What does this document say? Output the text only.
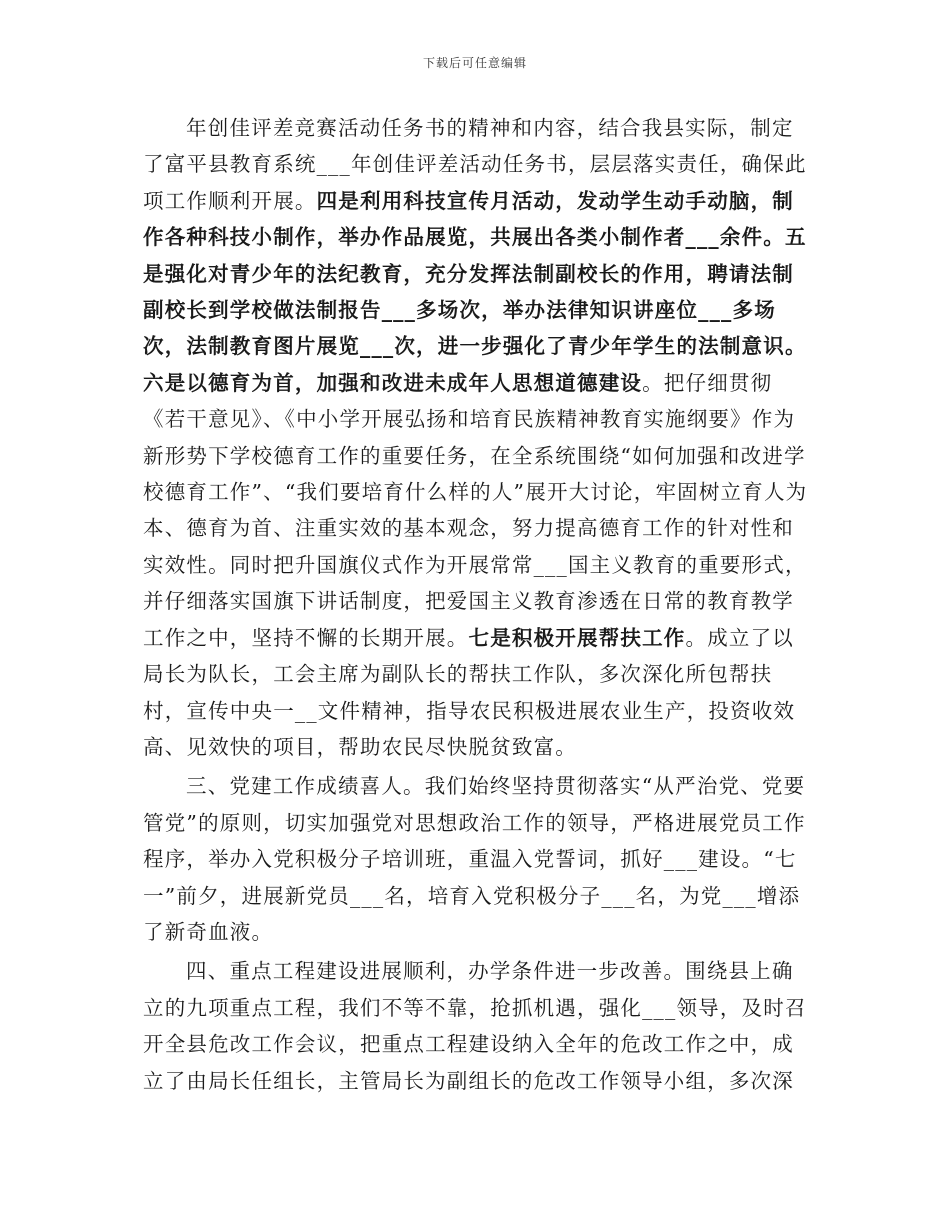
下载后可任意编辑

年创佳评差竞赛活动任务书的精神和内容，结合我县实际，制定了富平县教育系统___年创佳评差活动任务书，层层落实责任，确保此项工作顺利开展。四是利用科技宣传月活动，发动学生动手动脑，制作各种科技小制作，举办作品展览，共展出各类小制作者___余件。五是强化对青少年的法纪教育，充分发挥法制副校长的作用，聘请法制副校长到学校做法制报告___多场次，举办法律知识讲座位___多场次，法制教育图片展览___次，进一步强化了青少年学生的法制意识。六是以德育为首，加强和改进未成年人思想道德建设。把仔细贯彻《若干意见》、《中小学开展弘扬和培育民族精神教育实施纲要》作为新形势下学校德育工作的重要任务，在全系统围绕“如何加强和改进学校德育工作”、“我们要培育什么样的人”展开大讨论，牢固树立育人为本、德育为首、注重实效的基本观念，努力提高德育工作的针对性和实效性。同时把升国旗仪式作为开展常常___国主义教育的重要形式，并仔细落实国旗下讲话制度，把爱国主义教育渗透在日常的教育教学工作之中，坚持不懈的长期开展。七是积极开展帮扶工作。成立了以局长为队长，工会主席为副队长的帮扶工作队，多次深化所包帮扶村，宣传中央一__文件精神，指导农民积极进展农业生产，投资收效高、见效快的项目，帮助农民尽快脱贫致富。

三、党建工作成绩喜人。我们始终坚持贯彻落实“从严治党、党要管党”的原则，切实加强党对思想政治工作的领导，严格进展党员工作程序，举办入党积极分子培训班，重温入党誓词，抓好___建设。“七一”前夕，进展新党员___名，培育入党积极分子___名，为党___增添了新奇血液。

四、重点工程建设进展顺利，办学条件进一步改善。围绕县上确立的九项重点工程，我们不等不靠，抢抓机遇，强化___领导，及时召开全县危改工作会议，把重点工程建设纳入全年的危改工作之中，成立了由局长任组长，主管局长为副组长的危改工作领导小组，多次深
